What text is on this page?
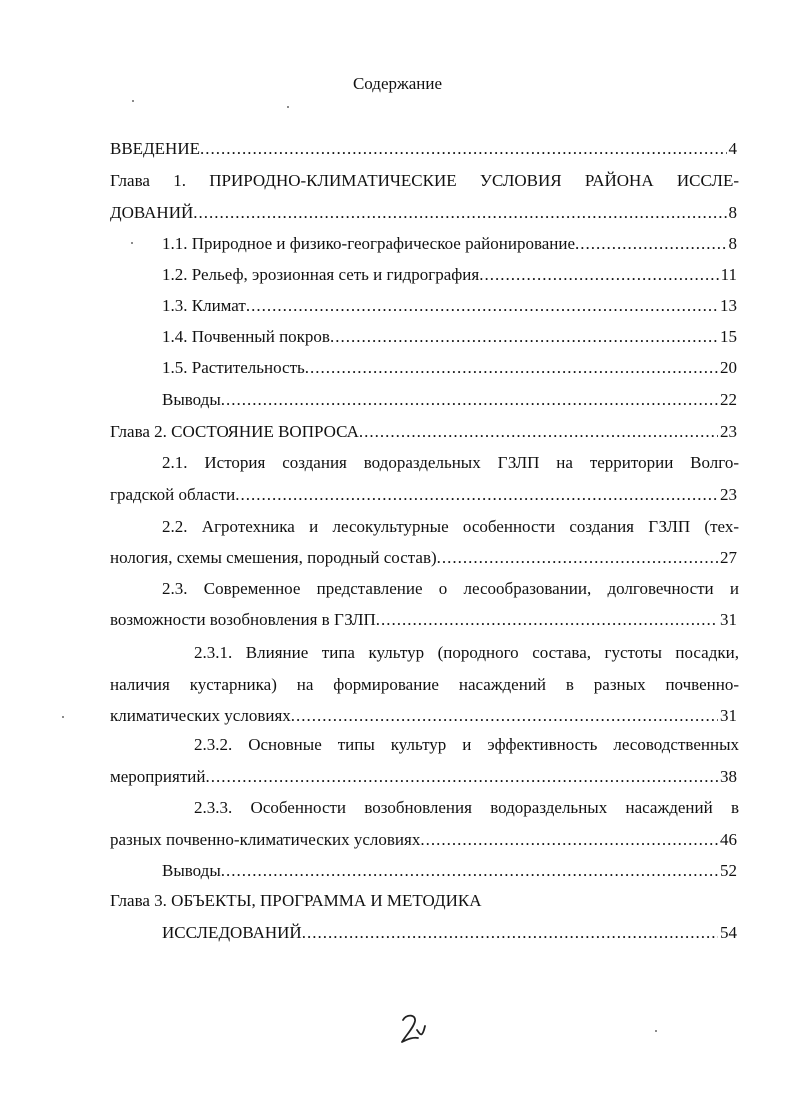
Содержание
ВВЕДЕНИЕ .....	4
Глава 1. ПРИРОДНО-КЛИМАТИЧЕСКИЕ УСЛОВИЯ РАЙОНА ИССЛЕ-
ДОВАНИЙ .....	8
1.1. Природное и физико-географическое районирование .....	8
1.2. Рельеф, эрозионная сеть и гидрография .....	11
1.3. Климат .....	13
1.4. Почвенный покров .....	15
1.5. Растительность .....	20
Выводы .....	22
Глава 2. СОСТОЯНИЕ ВОПРОСА .....	23
2.1. История создания водораздельных ГЗЛП на территории Волго-
градской области .....	23
2.2. Агротехника и лесокультурные особенности создания ГЗЛП (тех-
нология, схемы смешения, породный состав) .....	27
2.3. Современное представление о лесообразовании, долговечности и
возможности возобновления в ГЗЛП .....	31
2.3.1. Влияние типа культур (породного состава, густоты посадки,
наличия кустарника) на формирование насаждений в разных почвенно-
климатических условиях .....	31
2.3.2. Основные типы культур и эффективность лесоводственных
мероприятий .....	38
2.3.3. Особенности возобновления водораздельных насаждений в
разных почвенно-климатических условиях .....	46
Выводы .....	52
Глава 3. ОБЪЕКТЫ, ПРОГРАММА И МЕТОДИКА
ИССЛЕДОВАНИЙ .....	54
